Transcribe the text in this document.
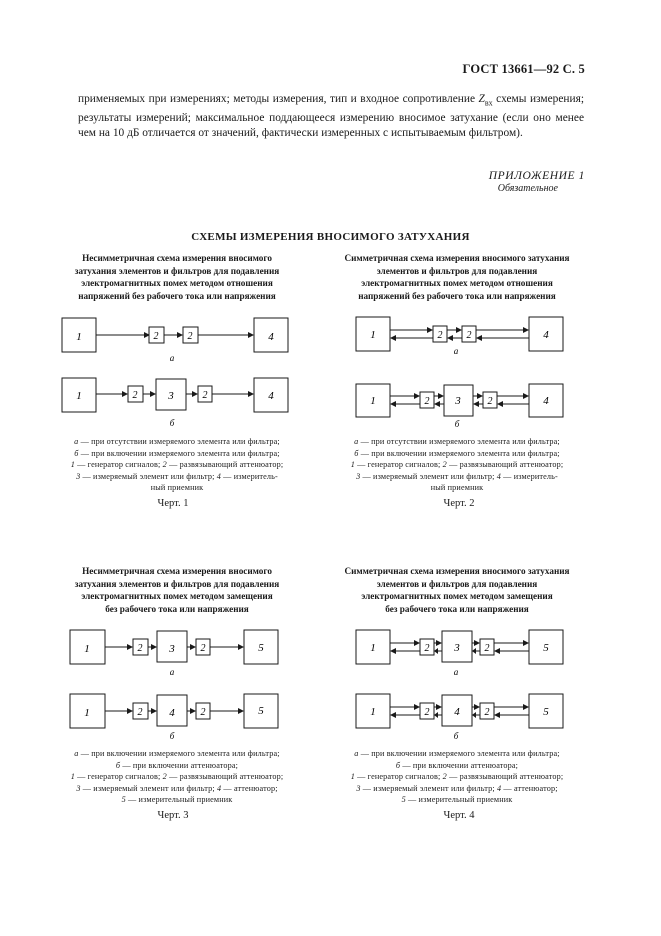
ГОСТ 13661—92 С. 5
применяемых при измерениях; методы измерения, тип и входное сопротивление $Z_{вх}$ схемы измерения; результаты измерений; максимальное поддающееся измерению вносимое затухание (если оно менее чем на 10 дБ отличается от значений, фактически измеренных с испытываемым фильтром).
ПРИЛОЖЕНИЕ 1
Обязательное
СХЕМЫ ИЗМЕРЕНИЯ ВНОСИМОГО ЗАТУХАНИЯ
Несимметричная схема измерения вносимого
затухания элементов и фильтров для подавления
электромагнитных помех методом отношения
напряжений без рабочего тока или напряжения
1	2	2	4
а
1	2	3	2	4
б
а — при отсутствии измеряемого элемента или фильтра;
б — при включении измеряемого элемента или фильтра;
1 — генератор сигналов; 2 — развязывающий аттенюатор;
3 — измеряемый элемент или фильтр; 4 — измеритель-
ный приемник
Черт. 1
Симметричная схема измерения вносимого затухания
элементов и фильтров для подавления
электромагнитных помех методом отношения
напряжений без рабочего тока или напряжения
1	2 2	4
а
1	2 3	2	4
б
а — при отсутствии измеряемого элемента или фильтра;
б — при включении измеряемого элемента или фильтра;
1 — генератор сигналов; 2 — развязывающий аттенюатор;
3 — измеряемый элемент или фильтр; 4 — измеритель-
ный приемник
Черт. 2
Несимметричная схема измерения вносимого
затухания элементов и фильтров для подавления
электромагнитных помех методом замещения
без рабочего тока или напряжения
1	2 3	2	5
а
1	2 4	2	5
б
а — при включении измеряемого элемента или фильтра;
б — при включении аттенюатора;
1 — генератор сигналов; 2 — развязывающий аттенюатор;
3 — измеряемый элемент или фильтр; 4 — аттенюатор;
5 — измерительный приемник
Черт. 3
Симметричная схема измерения вносимого затухания
элементов и фильтров для подавления
электромагнитных помех методом замещения
без рабочего тока или напряжения
1	2 3 2	5
а
1	2 4 2	5
б
а — при включении измеряемого элемента или фильтра;
б — при включении аттенюатора;
1 — генератор сигналов; 2 — развязывающий аттенюатор;
3 — измеряемый элемент или фильтр; 4 — аттенюатор;
5 — измерительный приемник
Черт. 4
